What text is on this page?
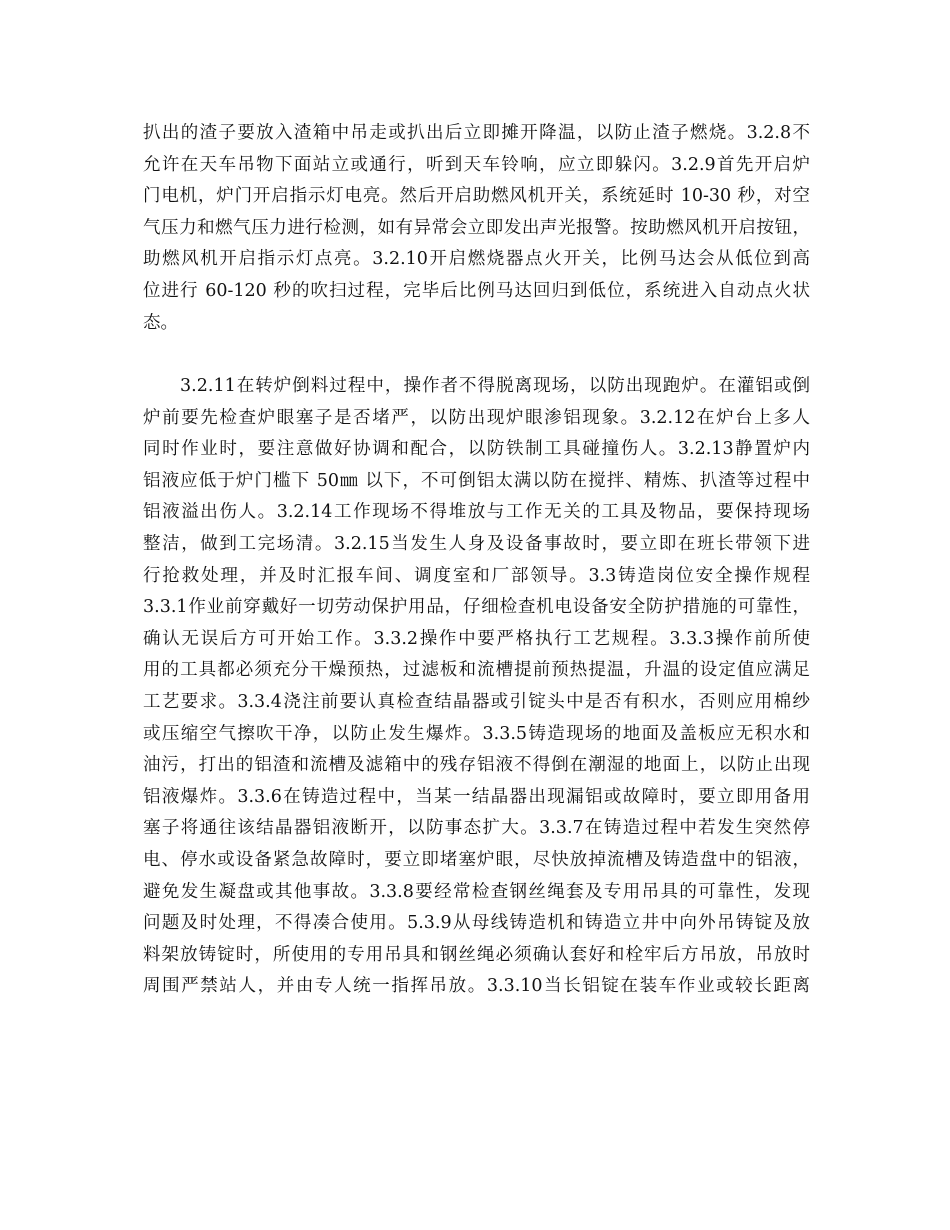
扒出的渣子要放入渣箱中吊走或扒出后立即摊开降温，以防止渣子燃烧。3.2.8不
允许在天车吊物下面站立或通行，听到天车铃响，应立即躲闪。3.2.9首先开启炉
门电机，炉门开启指示灯电亮。然后开启助燃风机开关，系统延时 10-30 秒，对空
气压力和燃气压力进行检测，如有异常会立即发出声光报警。按助燃风机开启按钮，
助燃风机开启指示灯点亮。3.2.10开启燃烧器点火开关，比例马达会从低位到高
位进行 60-120 秒的吹扫过程，完毕后比例马达回归到低位，系统进入自动点火状
态。
　　3.2.11在转炉倒料过程中，操作者不得脱离现场，以防出现跑炉。在灌铝或倒
炉前要先检查炉眼塞子是否堵严，以防出现炉眼渗铝现象。3.2.12在炉台上多人
同时作业时，要注意做好协调和配合，以防铁制工具碰撞伤人。3.2.13静置炉内
铝液应低于炉门槛下 50㎜ 以下，不可倒铝太满以防在搅拌、精炼、扒渣等过程中
铝液溢出伤人。3.2.14工作现场不得堆放与工作无关的工具及物品，要保持现场
整洁，做到工完场清。3.2.15当发生人身及设备事故时，要立即在班长带领下进
行抢救处理，并及时汇报车间、调度室和厂部领导。3.3铸造岗位安全操作规程
3.3.1作业前穿戴好一切劳动保护用品，仔细检查机电设备安全防护措施的可靠性，
确认无误后方可开始工作。3.3.2操作中要严格执行工艺规程。3.3.3操作前所使
用的工具都必须充分干燥预热，过滤板和流槽提前预热提温，升温的设定值应满足
工艺要求。3.3.4浇注前要认真检查结晶器或引锭头中是否有积水，否则应用棉纱
或压缩空气擦吹干净，以防止发生爆炸。3.3.5铸造现场的地面及盖板应无积水和
油污，打出的铝渣和流槽及滤箱中的残存铝液不得倒在潮湿的地面上，以防止出现
铝液爆炸。3.3.6在铸造过程中，当某一结晶器出现漏铝或故障时，要立即用备用
塞子将通往该结晶器铝液断开，以防事态扩大。3.3.7在铸造过程中若发生突然停
电、停水或设备紧急故障时，要立即堵塞炉眼，尽快放掉流槽及铸造盘中的铝液，
避免发生凝盘或其他事故。3.3.8要经常检查钢丝绳套及专用吊具的可靠性，发现
问题及时处理，不得凑合使用。5.3.9从母线铸造机和铸造立井中向外吊铸锭及放
料架放铸锭时，所使用的专用吊具和钢丝绳必须确认套好和栓牢后方吊放，吊放时
周围严禁站人，并由专人统一指挥吊放。3.3.10当长铝锭在装车作业或较长距离
